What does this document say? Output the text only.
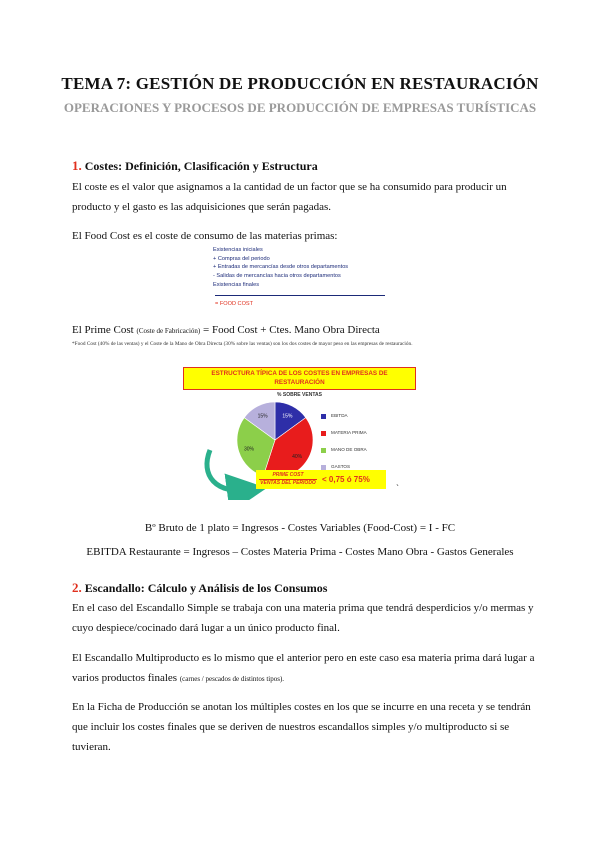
TEMA 7: GESTIÓN DE PRODUCCIÓN EN RESTAURACIÓN
OPERACIONES Y PROCESOS DE PRODUCCIÓN DE EMPRESAS TURÍSTICAS
1. Costes: Definición, Clasificación y Estructura
El coste es el valor que asignamos a la cantidad de un factor que se ha consumido para producir un producto y el gasto es las adquisiciones que serán pagadas.
El Food Cost es el coste de consumo de las materias primas:
Existencias iniciales
+ Compras del periodo
+ Entradas de mercancías desde otros departamentos
- Salidas de mercancías hacia otros departamentos
Existencias finales
= FOOD COST
El Prime Cost (Coste de Fabricación) = Food Cost + Ctes. Mano Obra Directa
*Food Cost (40% de las ventas) y el Coste de la Mano de Obra Directa (30% sobre las ventas) son los dos costes de mayor peso en las empresas de restauración.
ESTRUCTURA TÍPICA DE LOS COSTES EN EMPRESAS DE
RESTAURACIÓN
% SOBRE VENTAS
15%
40%
30%
15%	EBITDA
MATERIA PRIMA
MANO DE OBRA
GASTOS
PRIME COST
VENTAS DEL PERIODO < 0,75 ó 75%
`
Bº Bruto de 1 plato = Ingresos - Costes Variables (Food-Cost) = I - FC
EBITDA Restaurante = Ingresos – Costes Materia Prima - Costes Mano Obra - Gastos Generales
2. Escandallo: Cálculo y Análisis de los Consumos
En el caso del Escandallo Simple se trabaja con una materia prima que tendrá desperdicios y/o mermas y cuyo despiece/cocinado dará lugar a un único producto final.
El Escandallo Multiproducto es lo mismo que el anterior pero en este caso esa materia prima dará lugar a varios productos finales (carnes / pescados de distintos tipos).
En la Ficha de Producción se anotan los múltiples costes en los que se incurre en una receta y se tendrán que incluir los costes finales que se deriven de nuestros escandallos simples y/o multiproducto si se tuvieran.
